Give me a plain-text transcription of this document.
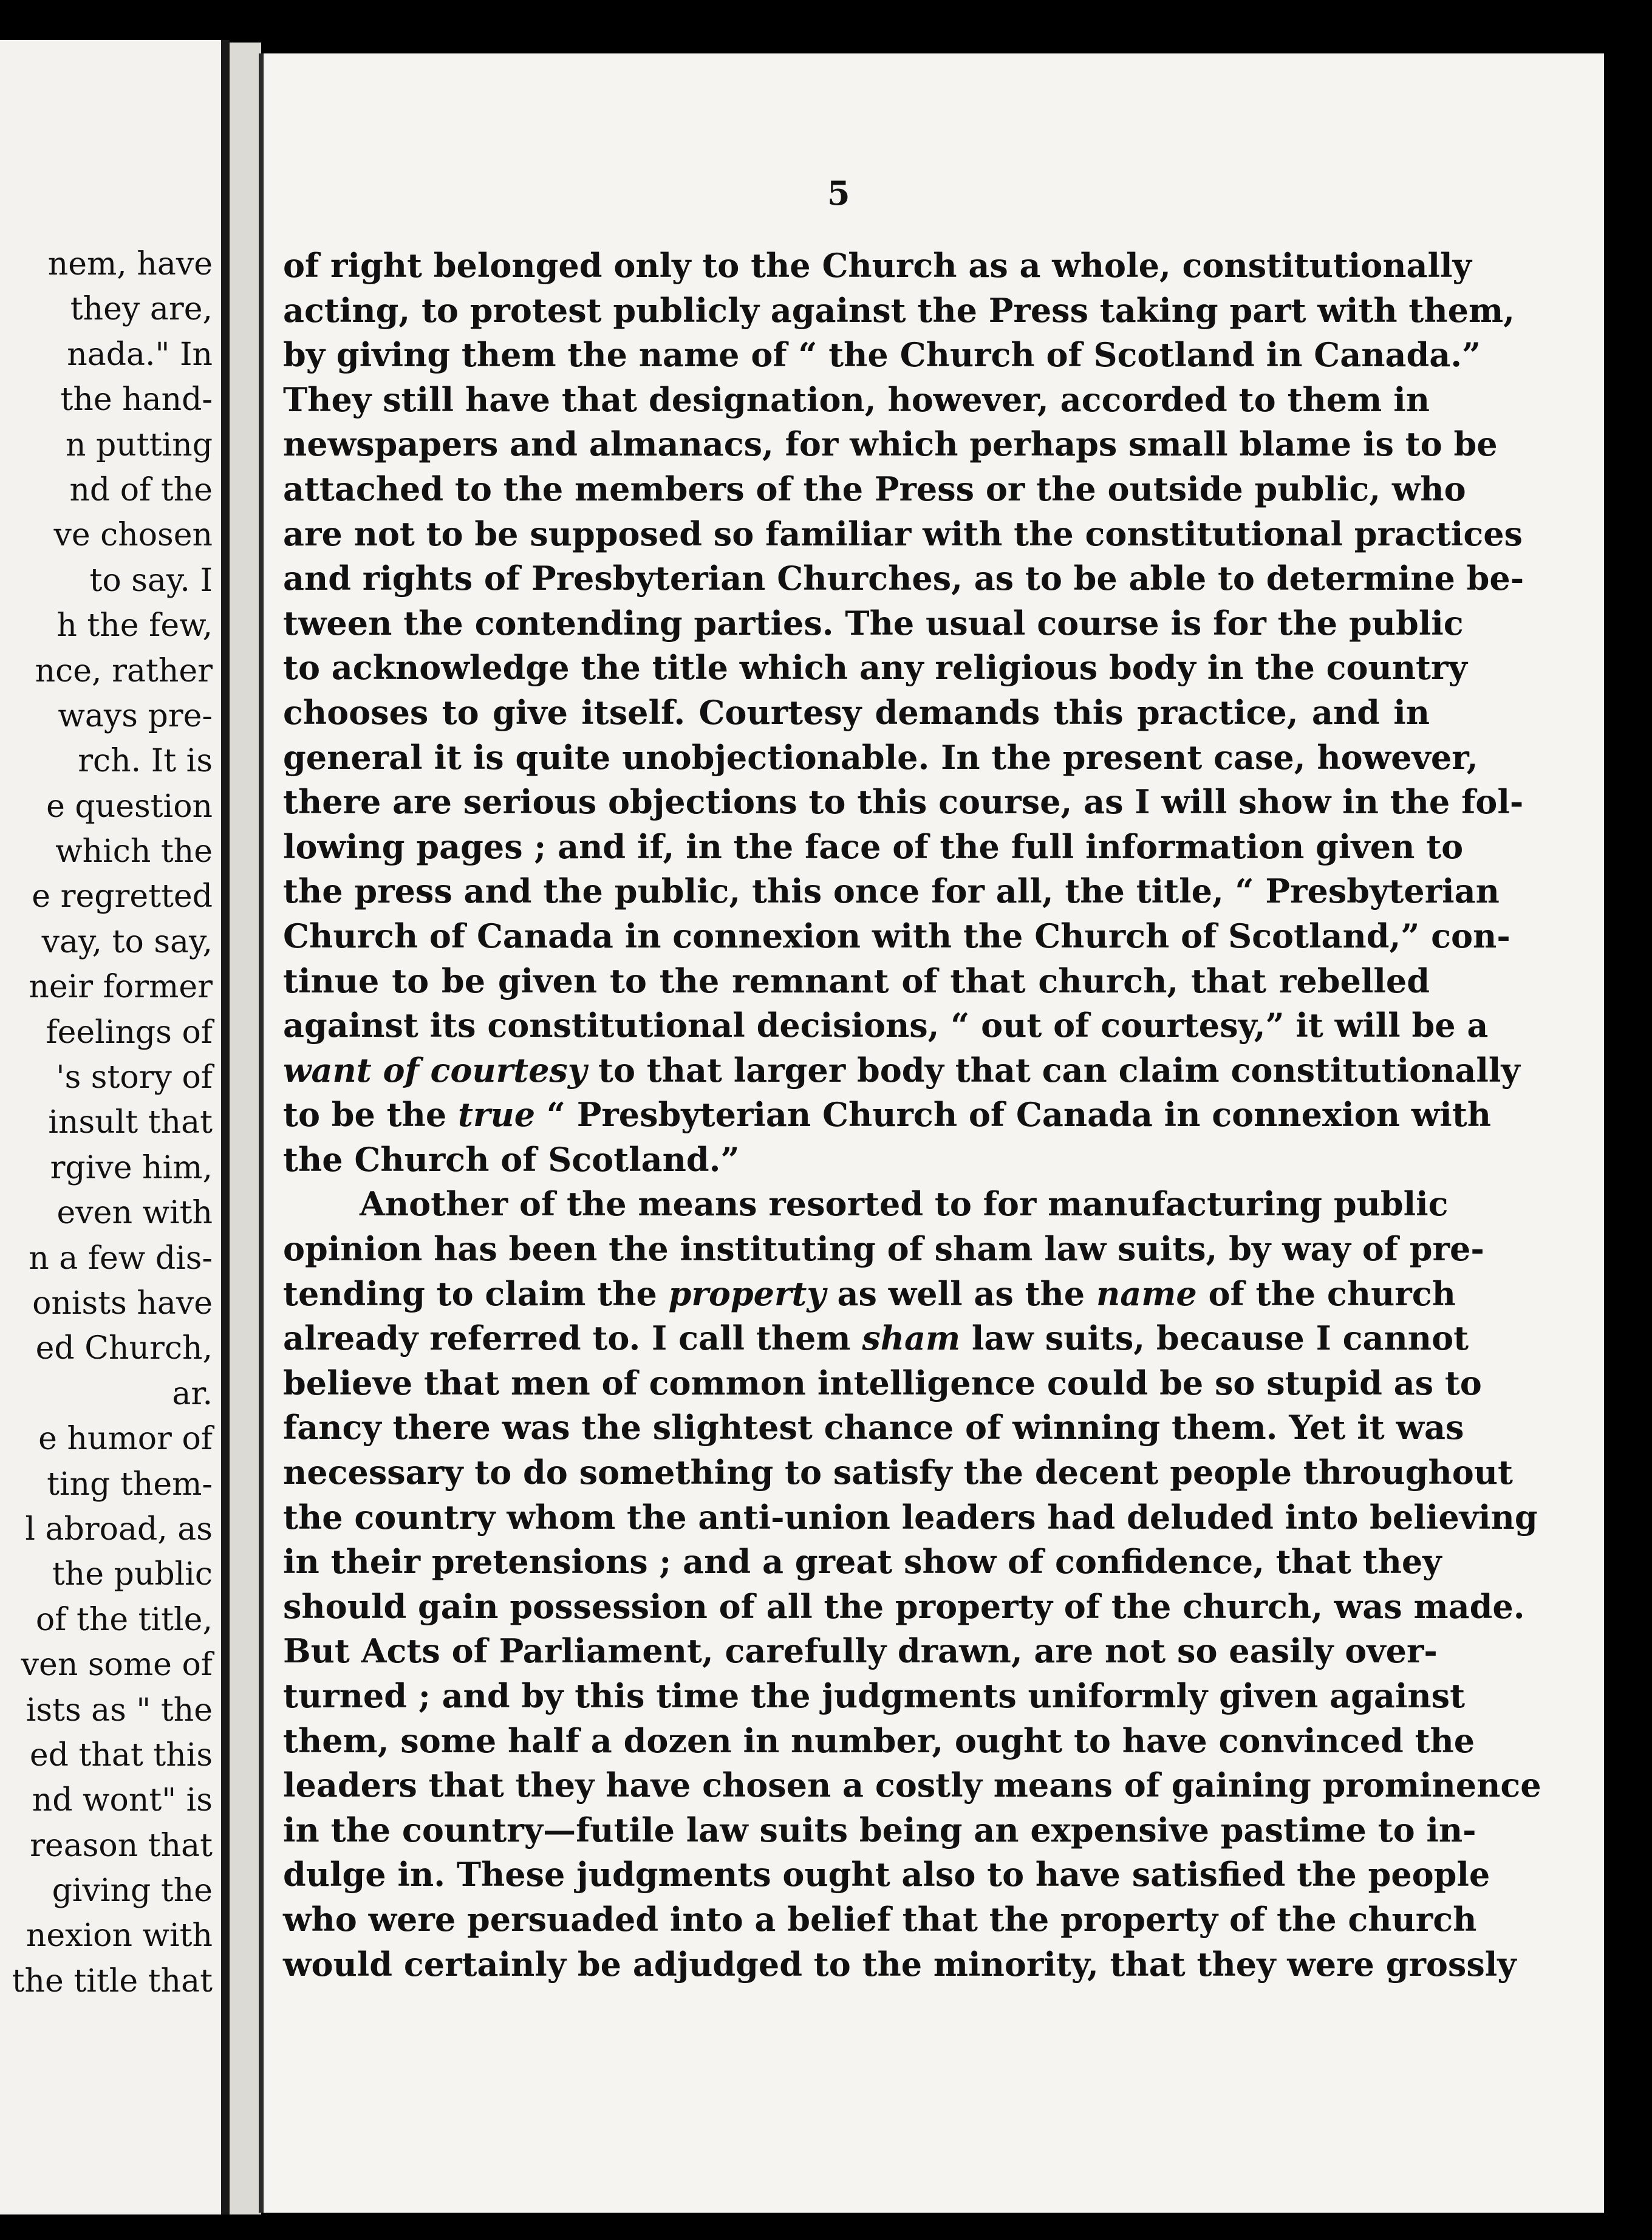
nem, have
they are,
nada." In
the hand-
n putting
nd of the
ve chosen
to say. I
h the few,
nce, rather
ways pre-
rch. It is
e question
which the
e regretted
vay, to say,
neir former
feelings of
's story of
insult that
rgive him,
even with
n a few dis-
onists have
ed Church,
ar.
e humor of
ting them-
l abroad, as
the public
of the title,
ven some of
ists as " the
ed that this
nd wont" is
reason that
giving the
nexion with
the title that
5
of right belonged only to the Church as a whole, constitutionally
acting, to protest publicly against the Press taking part with them,
by giving them the name of “ the Church of Scotland in Canada.”
They still have that designation, however, accorded to them in
newspapers and almanacs, for which perhaps small blame is to be
attached to the members of the Press or the outside public, who
are not to be supposed so familiar with the constitutional practices
and rights of Presbyterian Churches, as to be able to determine be-
tween the contending parties. The usual course is for the public
to acknowledge the title which any religious body in the country
chooses to give itself. Courtesy demands this practice, and in
general it is quite unobjectionable. In the present case, however,
there are serious objections to this course, as I will show in the fol-
lowing pages ; and if, in the face of the full information given to
the press and the public, this once for all, the title, “ Presbyterian
Church of Canada in connexion with the Church of Scotland,” con-
tinue to be given to the remnant of that church, that rebelled
against its constitutional decisions, “ out of courtesy,” it will be a
want of courtesy to that larger body that can claim constitutionally
to be the true “ Presbyterian Church of Canada in connexion with
the Church of Scotland.”
Another of the means resorted to for manufacturing public
opinion has been the instituting of sham law suits, by way of pre-
tending to claim the property as well as the name of the church
already referred to. I call them sham law suits, because I cannot
believe that men of common intelligence could be so stupid as to
fancy there was the slightest chance of winning them. Yet it was
necessary to do something to satisfy the decent people throughout
the country whom the anti-union leaders had deluded into believing
in their pretensions ; and a great show of confidence, that they
should gain possession of all the property of the church, was made.
But Acts of Parliament, carefully drawn, are not so easily over-
turned ; and by this time the judgments uniformly given against
them, some half a dozen in number, ought to have convinced the
leaders that they have chosen a costly means of gaining prominence
in the country—futile law suits being an expensive pastime to in-
dulge in. These judgments ought also to have satisfied the people
who were persuaded into a belief that the property of the church
would certainly be adjudged to the minority, that they were grossly
